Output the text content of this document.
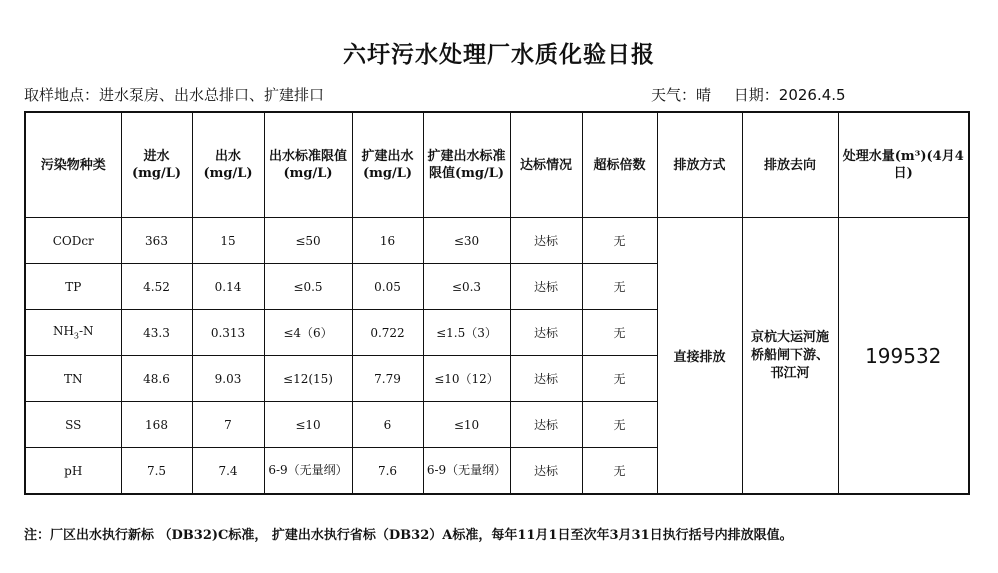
六圩污水处理厂水质化验日报
取样地点：进水泵房、出水总排口、扩建排口	天气：晴 日期：2026.4.5
污染物种类	进水(mg/L)	出水(mg/L)	出水标准限值(mg/L)	扩建出水(mg/L)	扩建出水标准限值(mg/L)	达标情况	超标倍数	排放方式	排放去向	处理水量(m³)(4月4日)
CODcr	363	15	≤50	16	≤30	达标	无	直接排放	京杭大运河施桥船闸下游、邗江河	199532
TP	4.52	0.14	≤0.5	0.05	≤0.3	达标	无			
$NH_3-N$	43.3	0.313	≤4（6）	0.722	≤1.5（3）	达标	无			
TN	48.6	9.03	≤12(15)	7.79	≤10（12）	达标	无			
SS	168	7	≤10	6	≤10	达标	无			
pH	7.5	7.4	6-9（无量纲）	7.6	6-9（无量纲）	达标	无			
注：厂区出水执行新标 （DB32)C标准， 扩建出水执行省标（DB32）A标准，每年11月1日至次年3月31日执行括号内排放限值。
